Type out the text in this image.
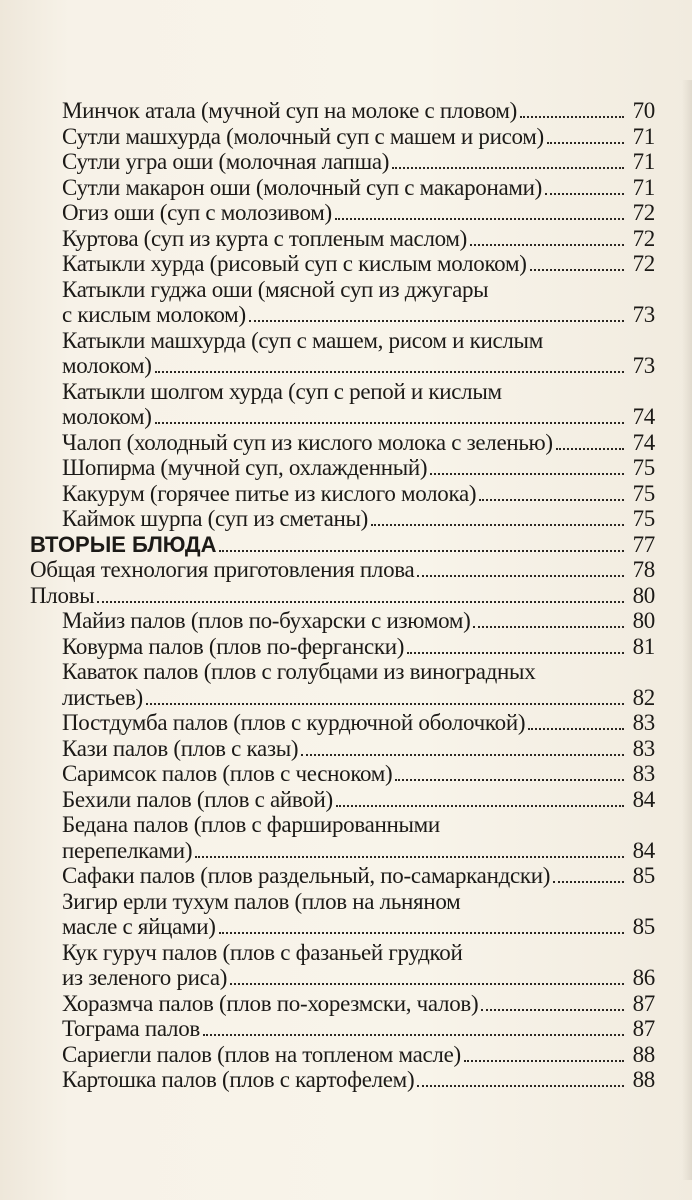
Минчок атала (мучной суп на молоке с пловом)	70
Сутли машхурда (молочный суп с машем и рисом)	71
Сутли угра оши (молочная лапша)	71
Сутли макарон оши (молочный суп с макаронами)	71
Огиз оши (суп с молозивом)	72
Куртова (суп из курта с топленым маслом)	72
Катыкли хурда (рисовый суп с кислым молоком)	72
Катыкли гуджа оши (мясной суп из джугары
с кислым молоком)	73
Катыкли машхурда (суп с машем, рисом и кислым
молоком)	73
Катыкли шолгом хурда (суп с репой и кислым
молоком)	74
Чалоп (холодный суп из кислого молока с зеленью)	74
Шопирма (мучной суп, охлажденный)	75
Какурум (горячее питье из кислого молока)	75
Каймок шурпа (суп из сметаны)	75
ВТОРЫЕ БЛЮДА	77
Общая технология приготовления плова	78
Пловы	80
Майиз палов (плов по-бухарски с изюмом)	80
Ковурма палов (плов по-фергански)	81
Каваток палов (плов с голубцами из виноградных
листьев)	82
Постдумба палов (плов с курдючной оболочкой)	83
Кази палов (плов с казы)	83
Саримсок палов (плов с чесноком)	83
Бехили палов (плов с айвой)	84
Бедана палов (плов с фаршированными
перепелками)	84
Сафаки палов (плов раздельный, по-самаркандски)	85
Зигир ерли тухум палов (плов на льняном
масле с яйцами)	85
Кук гуруч палов (плов с фазаньей грудкой
из зеленого риса)	86
Хоразмча палов (плов по-хорезмски, чалов)	87
Тограма палов	87
Сариегли палов (плов на топленом масле)	88
Картошка палов (плов с картофелем)	88
